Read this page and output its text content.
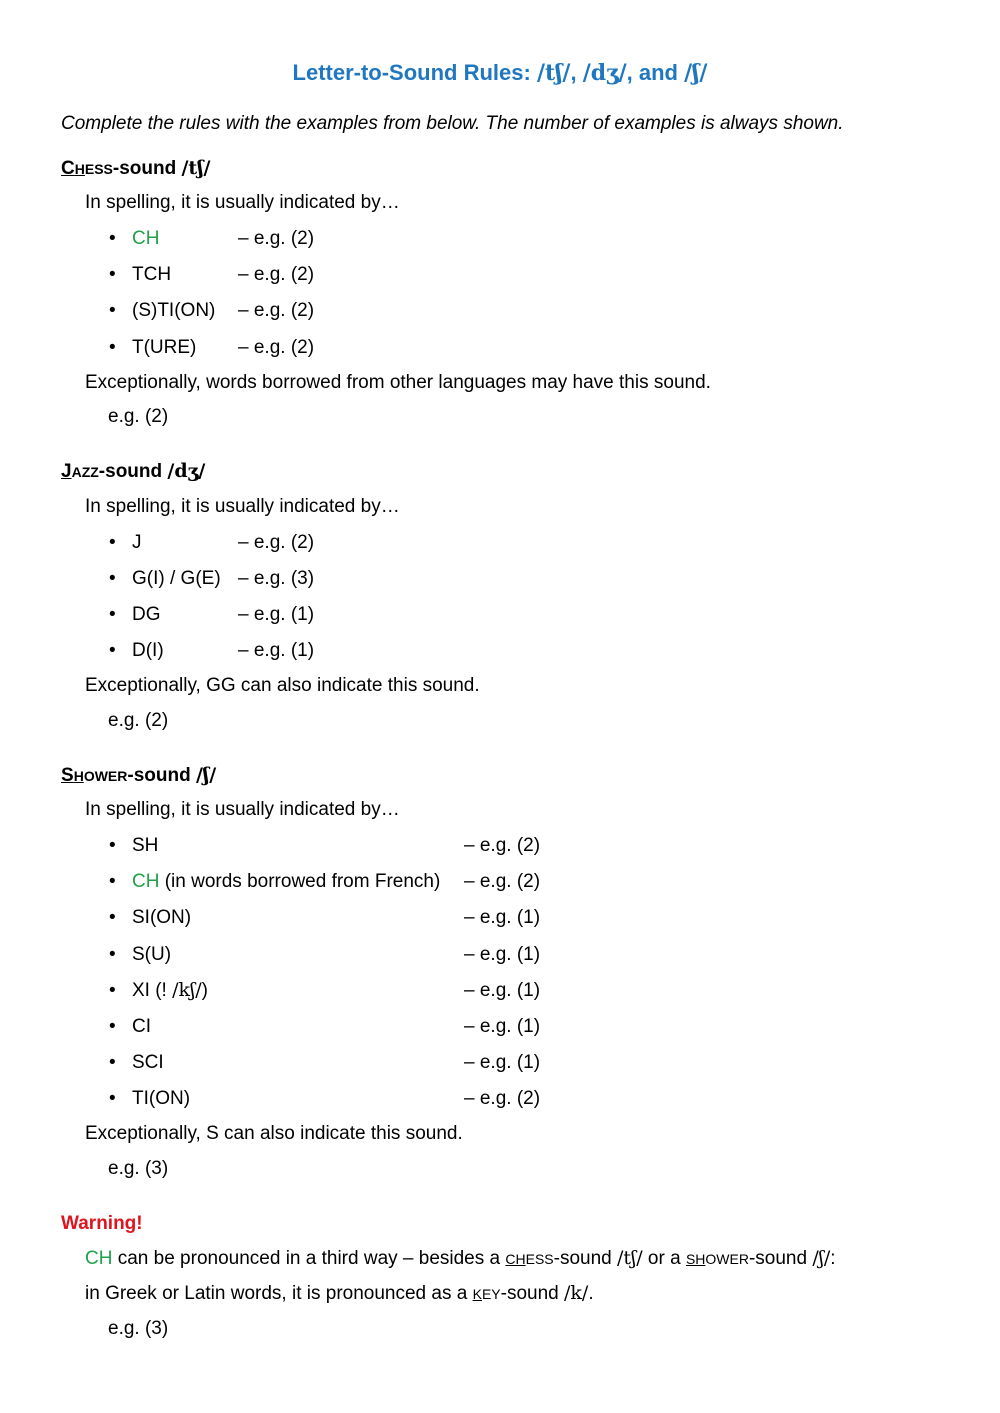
Letter-to-Sound Rules: /tʃ/, /dʒ/, and /ʃ/
Complete the rules with the examples from below. The number of examples is always shown.
CHESS-sound /tʃ/
In spelling, it is usually indicated by…
• CH	– e.g. (2)
• TCH	– e.g. (2)
• (S)TI(ON) – e.g. (2)
• T(URE) – e.g. (2)
Exceptionally, words borrowed from other languages may have this sound.
e.g. (2)
JAZZ-sound /dʒ/
In spelling, it is usually indicated by…
• J	– e.g. (2)
• G(I) / G(E) – e.g. (3)
• DG	– e.g. (1)
• D(I)	– e.g. (1)
Exceptionally, GG can also indicate this sound.
e.g. (2)
SHOWER-sound /ʃ/
In spelling, it is usually indicated by…
• SH	– e.g. (2)
• CH (in words borrowed from French) – e.g. (2)
• SI(ON)	– e.g. (1)
• S(U)	– e.g. (1)
• XI (! /kʃ/)	– e.g. (1)
• CI	– e.g. (1)
• SCI	– e.g. (1)
• TI(ON)	– e.g. (2)
Exceptionally, S can also indicate this sound.
e.g. (3)
Warning!
CH can be pronounced in a third way – besides a CHESS-sound /tʃ/ or a SHOWER-sound /ʃ/:
in Greek or Latin words, it is pronounced as a KEY-sound /k/.
e.g. (3)
